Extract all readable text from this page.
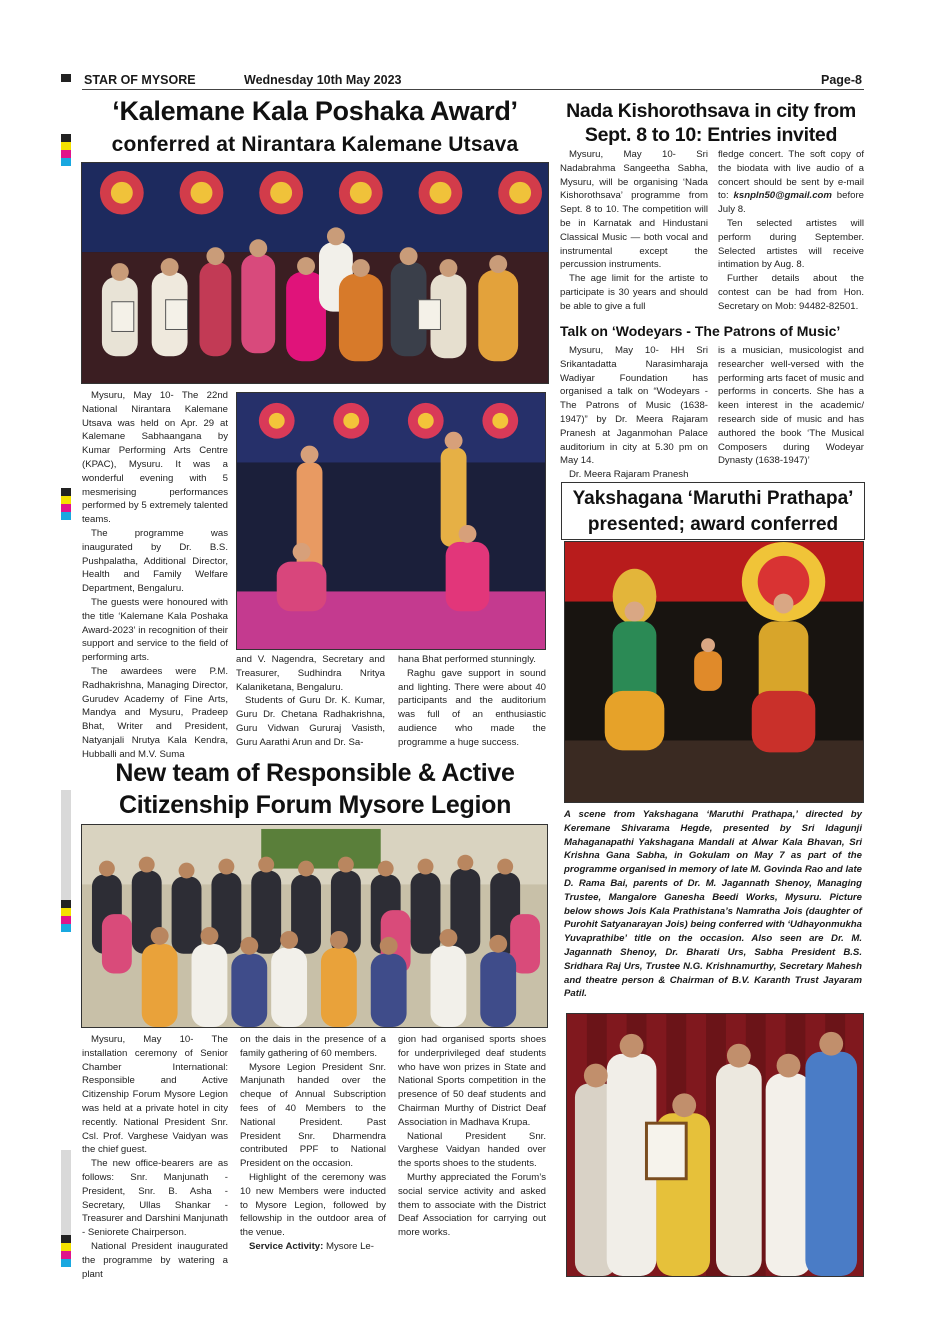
STAR OF MYSORE	Wednesday 10th May 2023	Page-8
‘Kalemane Kala Poshaka Award’
conferred at Nirantara Kalemane Utsava

Mysuru, May 10- The 22nd National Nirantara Kalemane Utsava was held on Apr. 29 at Kalemane Sabhaangana by Kumar Performing Arts Centre (KPAC), Mysuru. It was a wonderful evening with 5 mesmerising performances performed by 5 extremely talented teams.

The programme was inaugurated by Dr. B.S. Pushpalatha, Additional Director, Health and Family Welfare Department, Bengaluru.

The guests were honoured with the title ‘Kalemane Kala Poshaka Award-2023’ in recognition of their support and service to the field of performing arts.

The awardees were P.M. Radhakrishna, Managing Director, Gurudev Academy of Fine Arts, Mandya and Mysuru, Pradeep Bhat, Writer and President, Natyanjali Nrutya Kala Kendra, Hubballi and M.V. Suma

and V. Nagendra, Secretary and Treasurer, Sudhindra Nritya Kalaniketana, Bengaluru.

Students of Guru Dr. K. Kumar, Guru Dr. Chetana Radhakrishna, Guru Vidwan Gururaj Vasisth, Guru Aarathi Arun and Dr. Sa-

hana Bhat performed stunningly.

Raghu gave support in sound and lighting. There were about 40 participants and the auditorium was full of an enthusiastic audience who made the programme a huge success.

Nada Kishorothsava in city from
Sept. 8 to 10: Entries invited

Mysuru, May 10- Sri Nadabrahma Sangeetha Sabha, Mysuru, will be organising ‘Nada Kishorothsava’ programme from Sept. 8 to 10. The competition will be in Karnatak and Hindustani Classical Music — both vocal and instrumental except the percussion instruments.

The age limit for the artiste to participate is 30 years and should be able to give a full

fledge concert. The soft copy of the biodata with live audio of a concert should be sent by e-mail to: ksnpln50@gmail.com before July 8.

Ten selected artistes will perform during September. Selected artistes will receive intimation by Aug. 8.

Further details about the contest can be had from Hon. Secretary on Mob: 94482-82501.

Talk on ‘Wodeyars - The Patrons of Music’

Mysuru, May 10- HH Sri Srikantadatta Narasimharaja Wadiyar Foundation has organised a talk on “Wodeyars - The Patrons of Music (1638-1947)” by Dr. Meera Rajaram Pranesh at Jaganmohan Palace auditorium in city at 5.30 pm on May 14.

Dr. Meera Rajaram Pranesh

is a musician, musicologist and researcher well-versed with the performing arts facet of music and performs in concerts. She has a keen interest in the academic/ research side of music and has authored the book ‘The Musical Composers during Wodeyar Dynasty (1638-1947)’

Yakshagana ‘Maruthi Prathapa’
presented; award conferred
A scene from Yakshagana ‘Maruthi Prathapa,’ directed by Keremane Shivarama Hegde, presented by Sri Idagunji Mahaganapathi Yakshagana Mandali at Alwar Kala Bhavan, Sri Krishna Gana Sabha, in Gokulam on May 7 as part of the programme organised in memory of late M. Govinda Rao and late D. Rama Bai, parents of Dr. M. Jagannath Shenoy, Managing Trustee, Mangalore Ganesha Beedi Works, Mysuru. Picture below shows Jois Kala Prathistana’s Namratha Jois (daughter of Purohit Satyanarayan Jois) being conferred with ‘Udhayonmukha Yuvaprathibe’ title on the occasion. Also seen are Dr. M. Jagannath Shenoy, Dr. Bharati Urs, Sabha President B.S. Sridhara Raj Urs, Trustee N.G. Krishnamurthy, Secretary Mahesh and theatre person & Chairman of B.V. Karanth Trust Jayaram Patil.
New team of Responsible & Active
Citizenship Forum Mysore Legion

Mysuru, May 10- The installation ceremony of Senior Chamber International: Responsible and Active Citizenship Forum Mysore Legion was held at a private hotel in city recently. National President Snr. Csl. Prof. Varghese Vaidyan was the chief guest.

The new office-bearers are as follows: Snr. Manjunath - President, Snr. B. Asha - Secretary, Ullas Shankar - Treasurer and Darshini Manjunath - Seniorete Chairperson.

National President inaugurated the programme by watering a plant

on the dais in the presence of a family gathering of 60 members.

Mysore Legion President Snr. Manjunath handed over the cheque of Annual Subscription fees of 40 Members to the National President. Past President Snr. Dharmendra contributed PPF to National President on the occasion.

Highlight of the ceremony was 10 new Members were inducted to Mysore Legion, followed by fellowship in the outdoor area of the venue.

Service Activity: Mysore Le-

gion had organised sports shoes for underprivileged deaf students who have won prizes in State and National Sports competition in the presence of 50 deaf students and Chairman Murthy of District Deaf Association in Madhava Krupa.

National President Snr. Varghese Vaidyan handed over the sports shoes to the students.

Murthy appreciated the Forum’s social service activity and asked them to associate with the District Deaf Association for carrying out more works.
